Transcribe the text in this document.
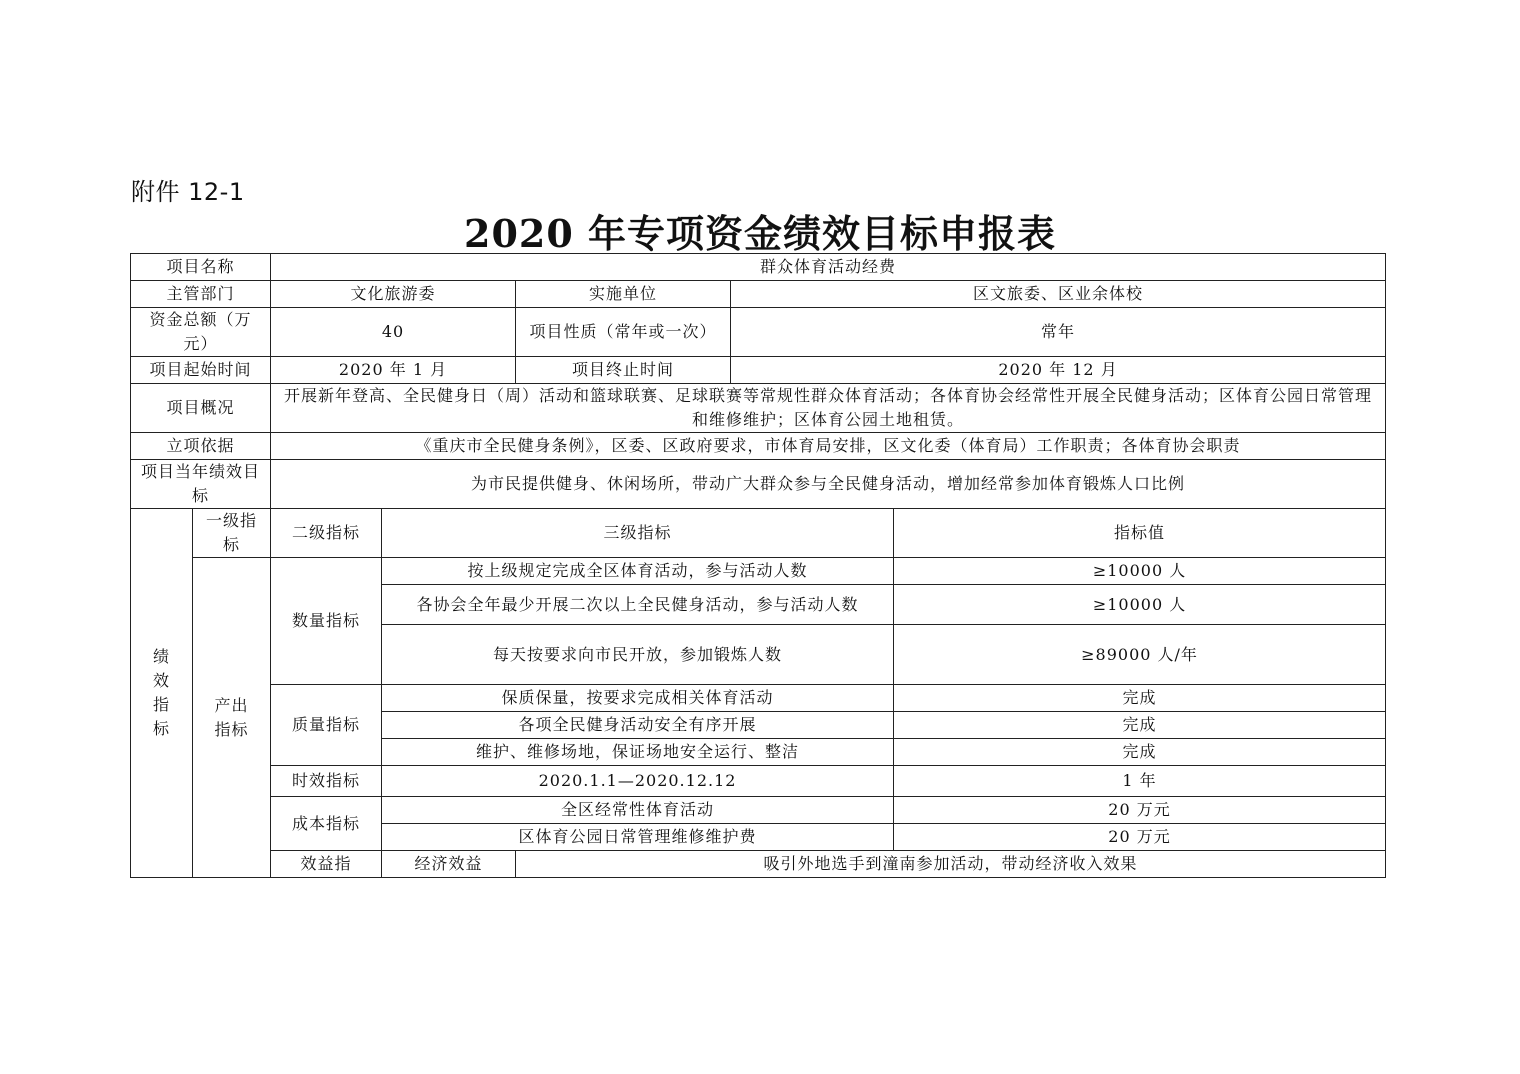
附件 12-1
2020 年专项资金绩效目标申报表
项目名称		群众体育活动经费					
主管部门		文化旅游委		实施单位	区文旅委、区业余体校		
资金总额（万元）		40		项目性质（常年或一次）	常年		
项目起始时间		2020 年 1 月		项目终止时间	2020 年 12 月		
项目概况		开展新年登高、全民健身日（周）活动和篮球联赛、足球联赛等常规性群众体育活动；各体育协会经常性开展全民健身活动；区体育公园日常管理和维修维护；区体育公园土地租赁。					
立项依据		《重庆市全民健身条例》，区委、区政府要求，市体育局安排，区文化委（体育局）工作职责；各体育协会职责					
项目当年绩效目标		为市民提供健身、休闲场所，带动广大群众参与全民健身活动，增加经常参加体育锻炼人口比例					
绩效指标	一级指标	二级指标	三级指标			指标值	
	产出指标	数量指标	按上级规定完成全区体育活动，参与活动人数			≥10000 人	
			各协会全年最少开展二次以上全民健身活动，参与活动人数			≥10000 人	
			每天按要求向市民开放，参加锻炼人数			≥89000 人/年	
		质量指标	保质保量，按要求完成相关体育活动			完成	
			各项全民健身活动安全有序开展			完成	
			维护、维修场地，保证场地安全运行、整洁			完成	
		时效指标	2020.1.1—2020.12.12			1 年	
		成本指标	全区经常性体育活动			20 万元	
			区体育公园日常管理维修维护费			20 万元	
		效益指	经济效益	吸引外地选手到潼南参加活动，带动经济收入效果	
